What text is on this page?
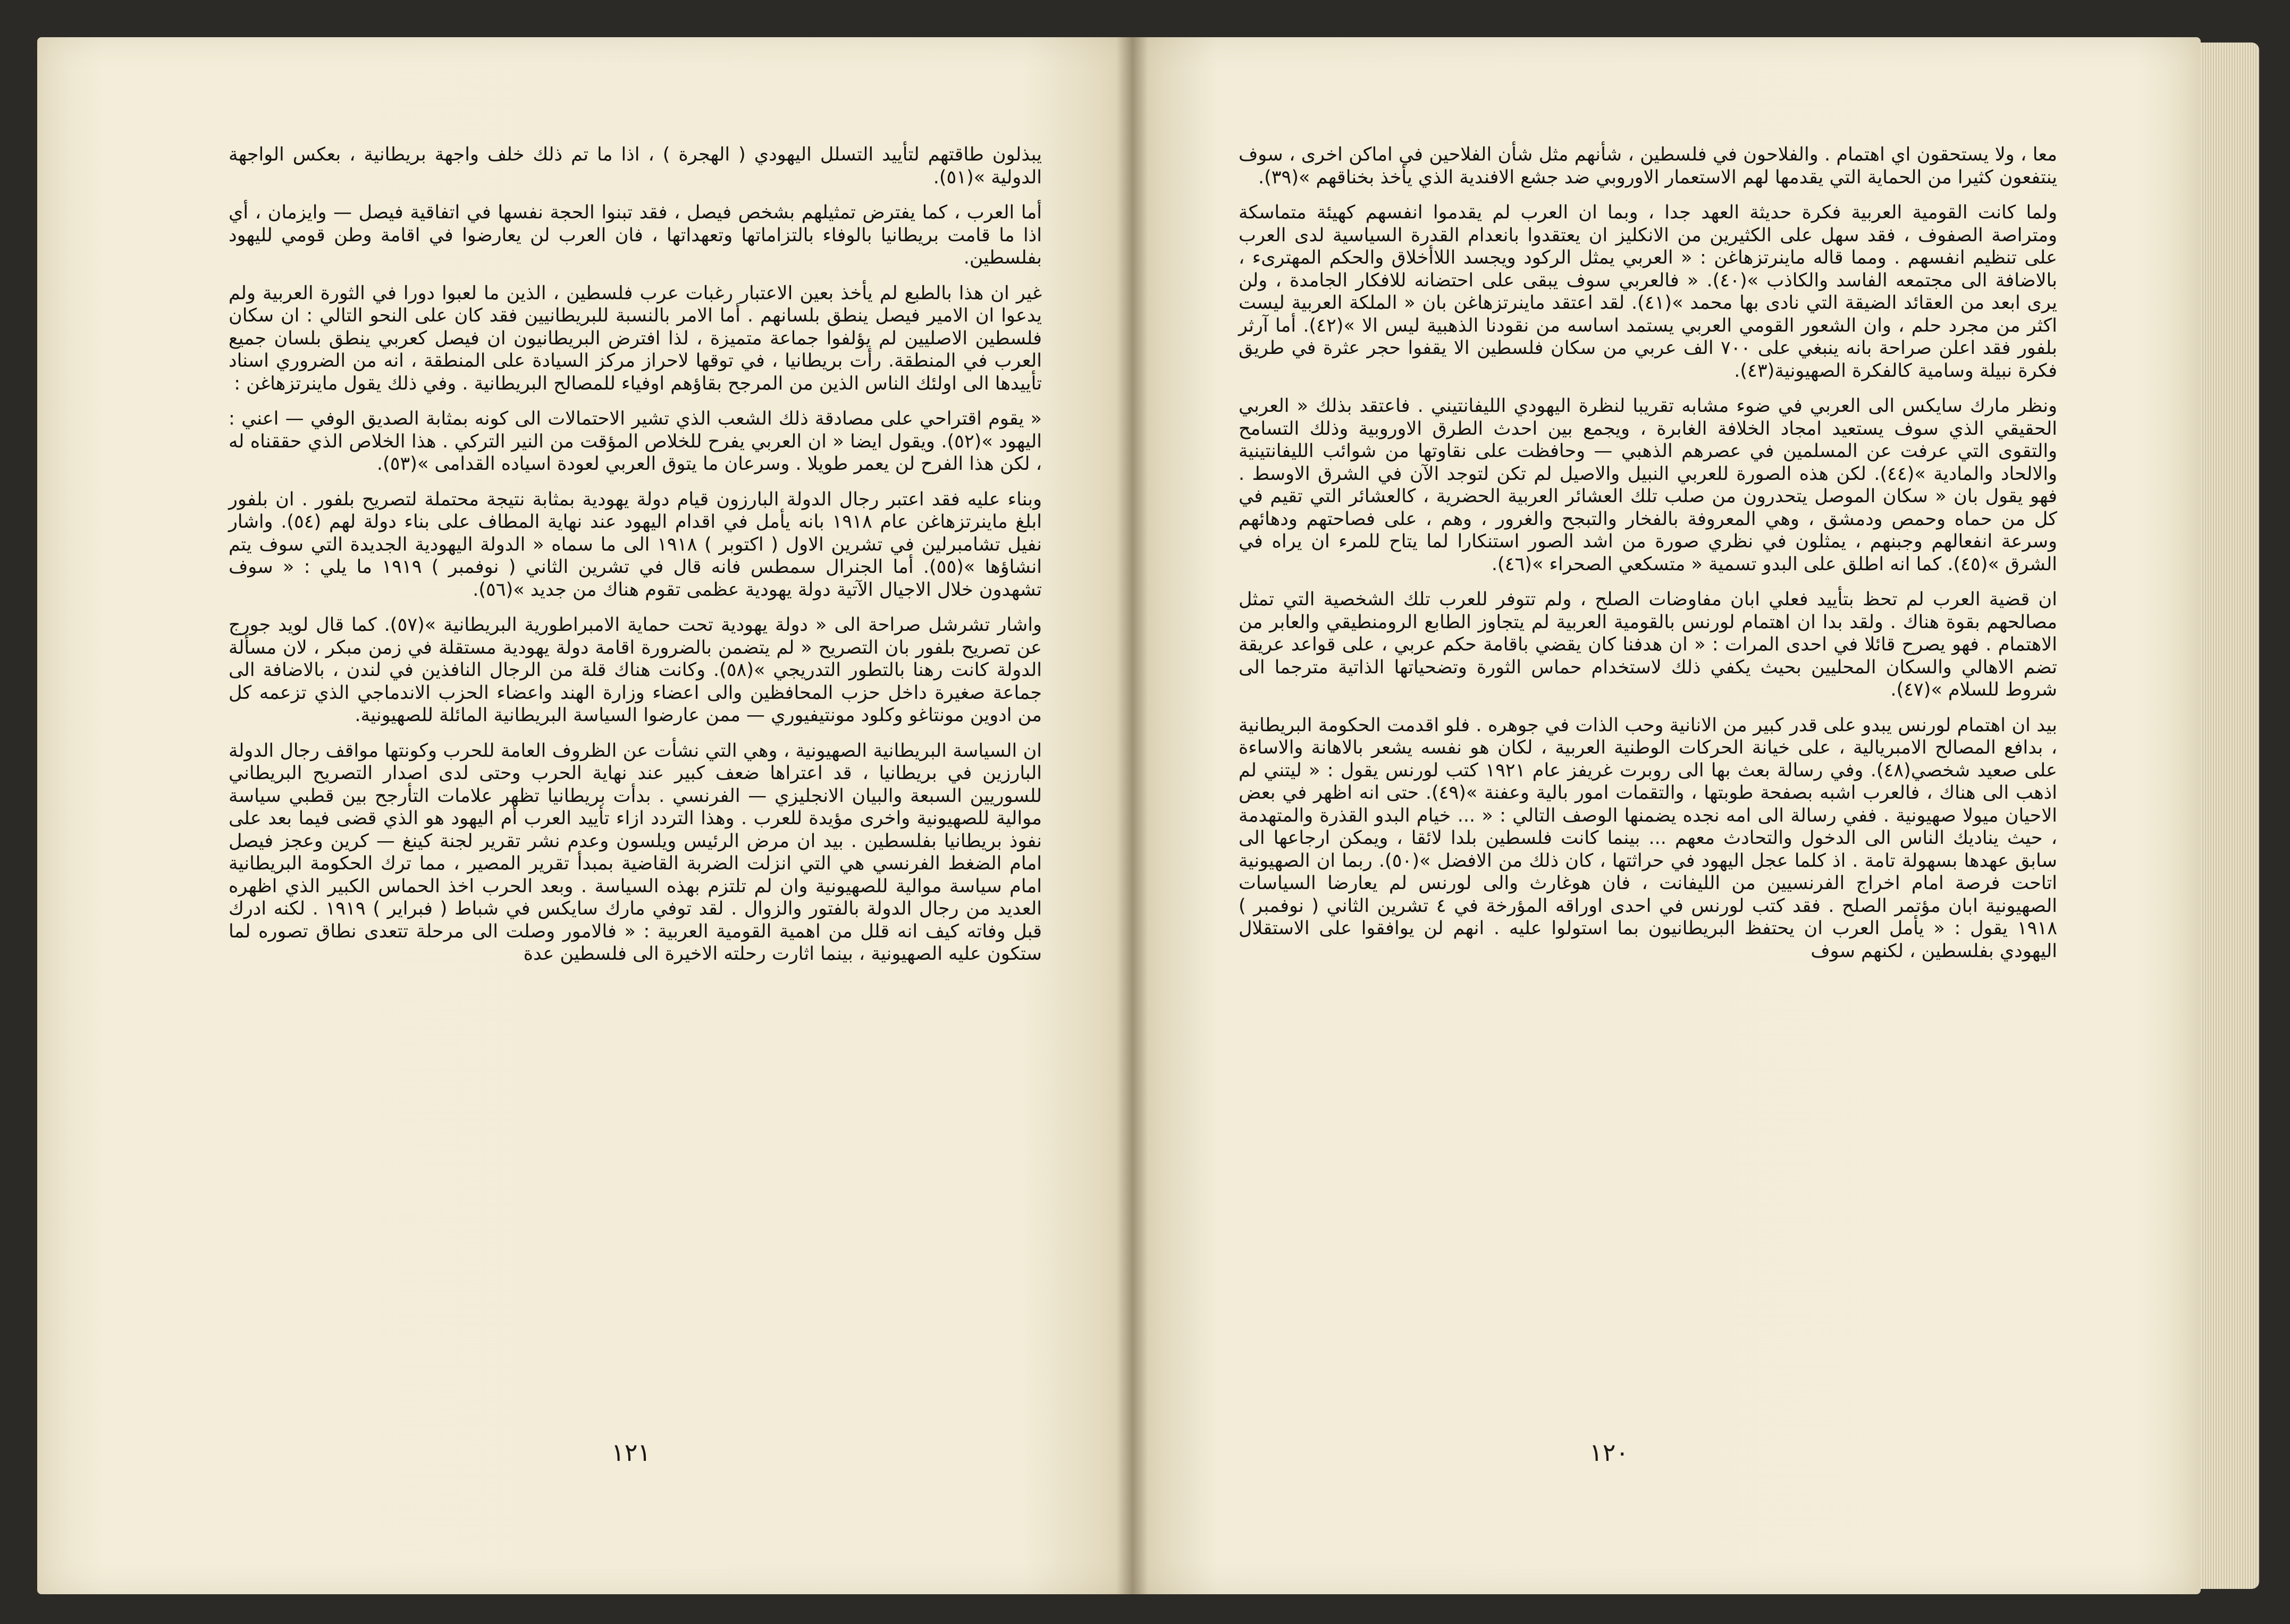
يبذلون طاقتهم لتأييد التسلل اليهودي ( الهجرة ) ، اذا ما تم ذلك خلف واجهة بريطانية ، بعكس الواجهة الدولية »(٥١).

أما العرب ، كما يفترض تمثيلهم بشخص فيصل ، فقد تبنوا الحجة نفسها في اتفاقية فيصل — وايزمان ، أي اذا ما قامت بريطانيا بالوفاء بالتزاماتها وتعهداتها ، فان العرب لن يعارضوا في اقامة وطن قومي لليهود بفلسطين.

غير ان هذا بالطبع لم يأخذ بعين الاعتبار رغبات عرب فلسطين ، الذين ما لعبوا دورا في الثورة العربية ولم يدعوا ان الامير فيصل ينطق بلسانهم . أما الامر بالنسبة للبريطانيين فقد كان على النحو التالي : ان سكان فلسطين الاصليين لم يؤلفوا جماعة متميزة ، لذا افترض البريطانيون ان فيصل كعربي ينطق بلسان جميع العرب في المنطقة. رأت بريطانيا ، في توقها لاحراز مركز السيادة على المنطقة ، انه من الضروري اسناد تأييدها الى اولئك الناس الذين من المرجح بقاؤهم اوفياء للمصالح البريطانية . وفي ذلك يقول ماينرتزهاغن :

« يقوم اقتراحي على مصادقة ذلك الشعب الذي تشير الاحتمالات الى كونه بمثابة الصديق الوفي — اعني : اليهود »(٥٢). ويقول ايضا « ان العربي يفرح للخلاص المؤقت من النير التركي . هذا الخلاص الذي حققناه له ، لكن هذا الفرح لن يعمر طويلا . وسرعان ما يتوق العربي لعودة اسياده القدامى »(٥٣).

وبناء عليه فقد اعتبر رجال الدولة البارزون قيام دولة يهودية بمثابة نتيجة محتملة لتصريح بلفور . ان بلفور ابلغ ماينرتزهاغن عام ١٩١٨ بانه يأمل في اقدام اليهود عند نهاية المطاف على بناء دولة لهم (٥٤). واشار نفيل تشامبرلين في تشرين الاول ( اكتوبر ) ١٩١٨ الى ما سماه « الدولة اليهودية الجديدة التي سوف يتم انشاؤها »(٥٥). أما الجنرال سمطس فانه قال في تشرين الثاني ( نوفمبر ) ١٩١٩ ما يلي : « سوف تشهدون خلال الاجيال الآتية دولة يهودية عظمى تقوم هناك من جديد »(٥٦).

واشار تشرشل صراحة الى « دولة يهودية تحت حماية الامبراطورية البريطانية »(٥٧). كما قال لويد جورج عن تصريح بلفور بان التصريح « لم يتضمن بالضرورة اقامة دولة يهودية مستقلة في زمن مبكر ، لان مسألة الدولة كانت رهنا بالتطور التدريجي »(٥٨). وكانت هناك قلة من الرجال النافذين في لندن ، بالاضافة الى جماعة صغيرة داخل حزب المحافظين والى اعضاء وزارة الهند واعضاء الحزب الاندماجي الذي تزعمه كل من ادوين مونتاغو وكلود مونتيفيوري — ممن عارضوا السياسة البريطانية المائلة للصهيونية.

ان السياسة البريطانية الصهيونية ، وهي التي نشأت عن الظروف العامة للحرب وكونتها مواقف رجال الدولة البارزين في بريطانيا ، قد اعتراها ضعف كبير عند نهاية الحرب وحتى لدى اصدار التصريح البريطاني للسوريين السبعة والبيان الانجليزي — الفرنسي . بدأت بريطانيا تظهر علامات التأرجح بين قطبي سياسة موالية للصهيونية واخرى مؤيدة للعرب . وهذا التردد ازاء تأييد العرب أم اليهود هو الذي قضى فيما بعد على نفوذ بريطانيا بفلسطين . بيد ان مرض الرئيس ويلسون وعدم نشر تقرير لجنة كينغ — كرين وعجز فيصل امام الضغط الفرنسي هي التي انزلت الضربة القاضية بمبدأ تقرير المصير ، مما ترك الحكومة البريطانية امام سياسة موالية للصهيونية وان لم تلتزم بهذه السياسة . وبعد الحرب اخذ الحماس الكبير الذي اظهره العديد من رجال الدولة بالفتور والزوال . لقد توفي مارك سايكس في شباط ( فبراير ) ١٩١٩ . لكنه ادرك قبل وفاته كيف انه قلل من اهمية القومية العربية : « فالامور وصلت الى مرحلة تتعدى نطاق تصوره لما ستكون عليه الصهيونية ، بينما اثارت رحلته الاخيرة الى فلسطين عدة

١٢١

معا ، ولا يستحقون اي اهتمام . والفلاحون في فلسطين ، شأنهم مثل شأن الفلاحين في اماكن اخرى ، سوف ينتفعون كثيرا من الحماية التي يقدمها لهم الاستعمار الاوروبي ضد جشع الافندية الذي يأخذ بخناقهم »(٣٩).

ولما كانت القومية العربية فكرة حديثة العهد جدا ، وبما ان العرب لم يقدموا انفسهم كهيئة متماسكة ومتراصة الصفوف ، فقد سهل على الكثيرين من الانكليز ان يعتقدوا بانعدام القدرة السياسية لدى العرب على تنظيم انفسهم . ومما قاله ماينرتزهاغن : « العربي يمثل الركود ويجسد اللاأخلاق والحكم المهترىء ، بالاضافة الى مجتمعه الفاسد والكاذب »(٤٠). « فالعربي سوف يبقى على احتضانه للافكار الجامدة ، ولن يرى ابعد من العقائد الضيقة التي نادى بها محمد »(٤١). لقد اعتقد ماينرتزهاغن بان « الملكة العربية ليست اكثر من مجرد حلم ، وان الشعور القومي العربي يستمد اساسه من نقودنا الذهبية ليس الا »(٤٢). أما آرثر بلفور فقد اعلن صراحة بانه ينبغي على ٧٠٠ الف عربي من سكان فلسطين الا يقفوا حجر عثرة في طريق فكرة نبيلة وسامية كالفكرة الصهيونية(٤٣).

ونظر مارك سايكس الى العربي في ضوء مشابه تقريبا لنظرة اليهودي الليفانتيني . فاعتقد بذلك « العربي الحقيقي الذي سوف يستعيد امجاد الخلافة الغابرة ، ويجمع بين احدث الطرق الاوروبية وذلك التسامح والتقوى التي عرفت عن المسلمين في عصرهم الذهبي — وحافظت على نقاوتها من شوائب الليفانتينية والالحاد والمادية »(٤٤). لكن هذه الصورة للعربي النبيل والاصيل لم تكن لتوجد الآن في الشرق الاوسط . فهو يقول بان « سكان الموصل يتحدرون من صلب تلك العشائر العربية الحضرية ، كالعشائر التي تقيم في كل من حماه وحمص ودمشق ، وهي المعروفة بالفخار والتبجح والغرور ، وهم ، على فصاحتهم ودهائهم وسرعة انفعالهم وجبنهم ، يمثلون في نظري صورة من اشد الصور استنكارا لما يتاح للمرء ان يراه في الشرق »(٤٥). كما انه اطلق على البدو تسمية « متسكعي الصحراء »(٤٦).

ان قضية العرب لم تحظ بتأييد فعلي ابان مفاوضات الصلح ، ولم تتوفر للعرب تلك الشخصية التي تمثل مصالحهم بقوة هناك . ولقد بدا ان اهتمام لورنس بالقومية العربية لم يتجاوز الطابع الرومنطيقي والعابر من الاهتمام . فهو يصرح قائلا في احدى المرات : « ان هدفنا كان يقضي باقامة حكم عربي ، على قواعد عريقة تضم الاهالي والسكان المحليين بحيث يكفي ذلك لاستخدام حماس الثورة وتضحياتها الذاتية مترجما الى شروط للسلام »(٤٧).

بيد ان اهتمام لورنس يبدو على قدر كبير من الانانية وحب الذات في جوهره . فلو اقدمت الحكومة البريطانية ، بدافع المصالح الامبريالية ، على خيانة الحركات الوطنية العربية ، لكان هو نفسه يشعر بالاهانة والاساءة على صعيد شخصي(٤٨). وفي رسالة بعث بها الى روبرت غريفز عام ١٩٢١ كتب لورنس يقول : « ليتني لم اذهب الى هناك ، فالعرب اشبه بصفحة طوبتها ، والتقمات امور بالية وعفنة »(٤٩). حتى انه اظهر في بعض الاحيان ميولا صهيونية . ففي رسالة الى امه نجده يضمنها الوصف التالي : « ... خيام البدو القذرة والمتهدمة ، حيث يناديك الناس الى الدخول والتحادث معهم ... بينما كانت فلسطين بلدا لائقا ، ويمكن ارجاعها الى سابق عهدها بسهولة تامة . اذ كلما عجل اليهود في حراثتها ، كان ذلك من الافضل »(٥٠). ربما ان الصهيونية اتاحت فرصة امام اخراج الفرنسيين من الليفانت ، فان هوغارث والى لورنس لم يعارضا السياسات الصهيونية ابان مؤتمر الصلح . فقد كتب لورنس في احدى اوراقه المؤرخة في ٤ تشرين الثاني ( نوفمبر ) ١٩١٨ يقول : « يأمل العرب ان يحتفظ البريطانيون بما استولوا عليه . انهم لن يوافقوا على الاستقلال اليهودي بفلسطين ، لكنهم سوف

١٢٠
